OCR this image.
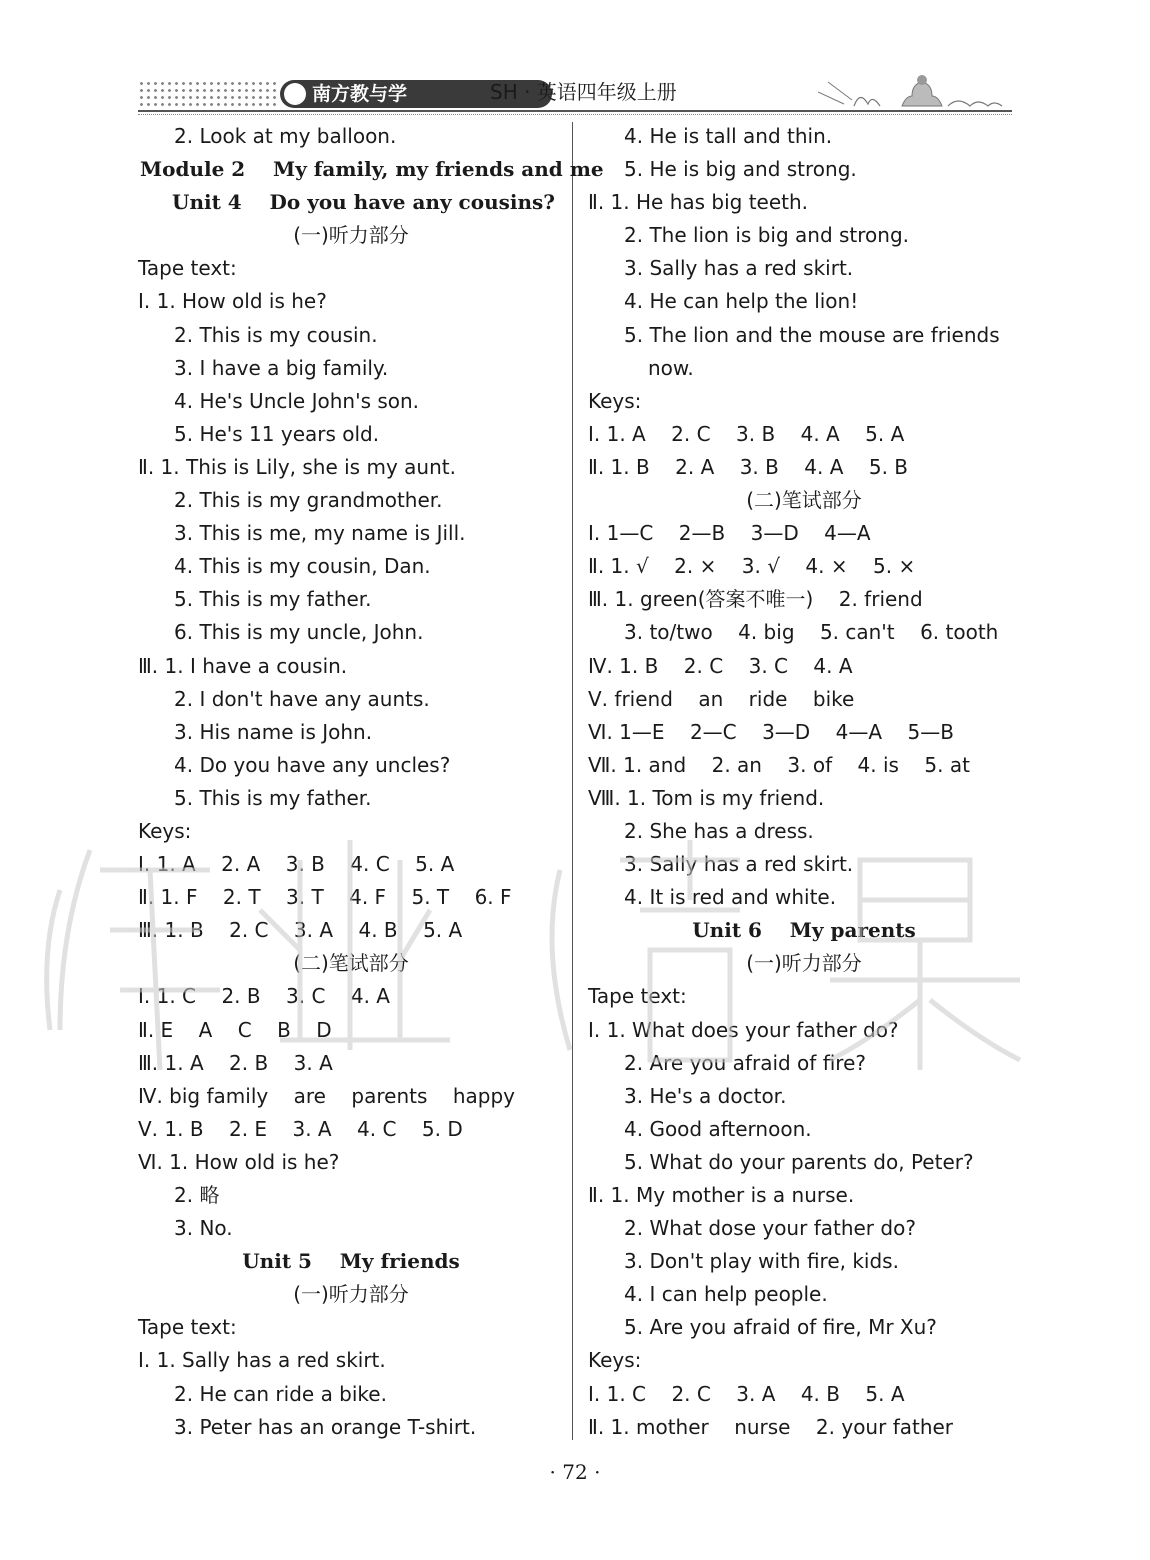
南方教与学	SH · 英语四年级上册
2. Look at my balloon.
Module 2    My family, my friends and me
Unit 4    Do you have any cousins?
(一)听力部分
Tape text:
Ⅰ. 1. How old is he?
2. This is my cousin.
3. I have a big family.
4. He's Uncle John's son.
5. He's 11 years old.
Ⅱ. 1. This is Lily, she is my aunt.
2. This is my grandmother.
3. This is me, my name is Jill.
4. This is my cousin, Dan.
5. This is my father.
6. This is my uncle, John.
Ⅲ. 1. I have a cousin.
2. I don't have any aunts.
3. His name is John.
4. Do you have any uncles?
5. This is my father.
Keys:
Ⅰ. 1. A    2. A    3. B    4. C    5. A
Ⅱ. 1. F    2. T    3. T    4. F    5. T    6. F
Ⅲ. 1. B    2. C    3. A    4. B    5. A
(二)笔试部分
Ⅰ. 1. C    2. B    3. C    4. A
Ⅱ. E    A    C    B    D
Ⅲ. 1. A    2. B    3. A
Ⅳ. big family    are    parents    happy
Ⅴ. 1. B    2. E    3. A    4. C    5. D
Ⅵ. 1. How old is he?
2. 略
3. No.
Unit 5    My friends
(一)听力部分
Tape text:
Ⅰ. 1. Sally has a red skirt.
2. He can ride a bike.
3. Peter has an orange T-shirt.
4. He is tall and thin.
5. He is big and strong.
Ⅱ. 1. He has big teeth.
2. The lion is big and strong.
3. Sally has a red skirt.
4. He can help the lion!
5. The lion and the mouse are friends
now.
Keys:
Ⅰ. 1. A    2. C    3. B    4. A    5. A
Ⅱ. 1. B    2. A    3. B    4. A    5. B
(二)笔试部分
Ⅰ. 1—C    2—B    3—D    4—A
Ⅱ. 1. √    2. ×    3. √    4. ×    5. ×
Ⅲ. 1. green(答案不唯一)    2. friend
3. to/two    4. big    5. can't    6. tooth
Ⅳ. 1. B    2. C    3. C    4. A
Ⅴ. friend    an    ride    bike
Ⅵ. 1—E    2—C    3—D    4—A    5—B
Ⅶ. 1. and    2. an    3. of    4. is    5. at
Ⅷ. 1. Tom is my friend.
2. She has a dress.
3. Sally has a red skirt.
4. It is red and white.
Unit 6    My parents
(一)听力部分
Tape text:
Ⅰ. 1. What does your father do?
2. Are you afraid of fire?
3. He's a doctor.
4. Good afternoon.
5. What do your parents do, Peter?
Ⅱ. 1. My mother is a nurse.
2. What dose your father do?
3. Don't play with fire, kids.
4. I can help people.
5. Are you afraid of fire, Mr Xu?
Keys:
Ⅰ. 1. C    2. C    3. A    4. B    5. A
Ⅱ. 1. mother    nurse    2. your father
· 72 ·
